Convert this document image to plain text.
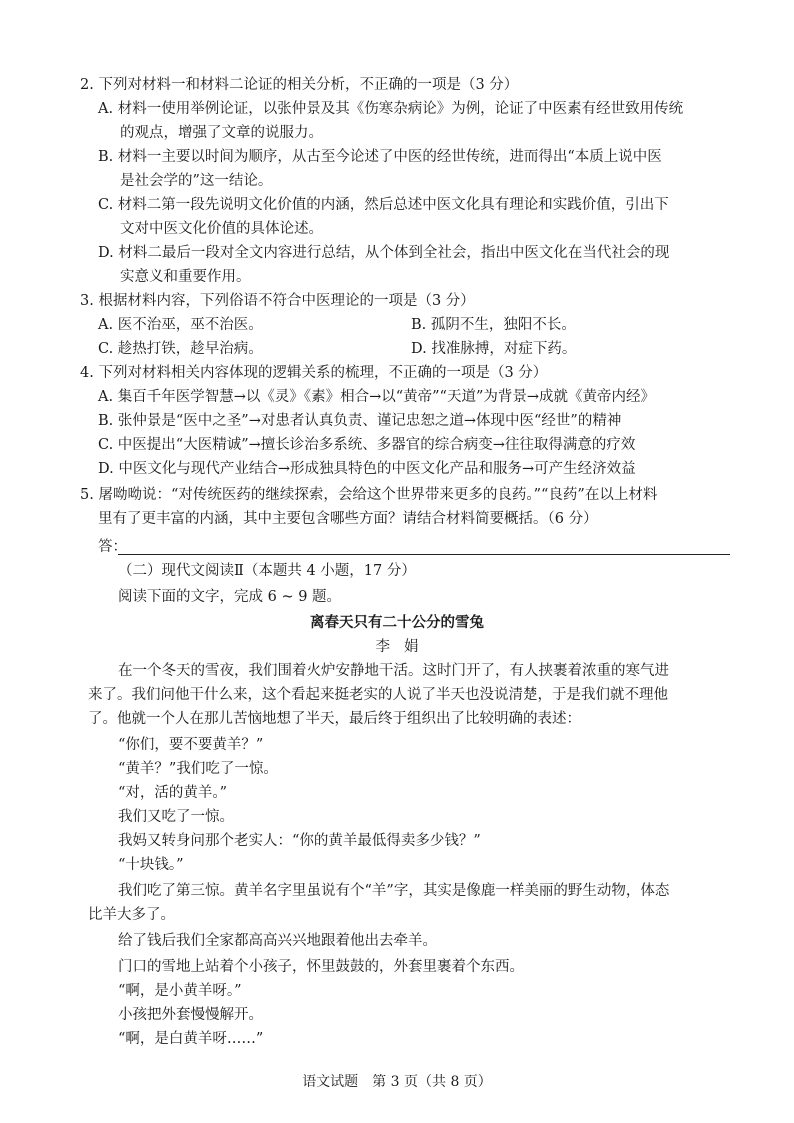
2. 下列对材料一和材料二论证的相关分析，不正确的一项是（3 分）
A. 材料一使用举例论证，以张仲景及其《伤寒杂病论》为例，论证了中医素有经世致用传统
的观点，增强了文章的说服力。
B. 材料一主要以时间为顺序，从古至今论述了中医的经世传统，进而得出“本质上说中医
是社会学的”这一结论。
C. 材料二第一段先说明文化价值的内涵，然后总述中医文化具有理论和实践价值，引出下
文对中医文化价值的具体论述。
D. 材料二最后一段对全文内容进行总结，从个体到全社会，指出中医文化在当代社会的现
实意义和重要作用。
3. 根据材料内容，下列俗语不符合中医理论的一项是（3 分）
A. 医不治巫，巫不治医。	B. 孤阴不生，独阳不长。
C. 趁热打铁，趁早治病。	D. 找准脉搏，对症下药。
4. 下列对材料相关内容体现的逻辑关系的梳理，不正确的一项是（3 分）
A. 集百千年医学智慧→以《灵》《素》相合→以“黄帝”“天道”为背景→成就《黄帝内经》
B. 张仲景是“医中之圣”→对患者认真负责、谨记忠恕之道→体现中医“经世”的精神
C. 中医提出“大医精诚”→擅长诊治多系统、多器官的综合病变→往往取得满意的疗效
D. 中医文化与现代产业结合→形成独具特色的中医文化产品和服务→可产生经济效益
5. 屠呦呦说：“对传统医药的继续探索，会给这个世界带来更多的良药。”“良药”在以上材料
里有了更丰富的内涵，其中主要包含哪些方面？请结合材料简要概括。（6 分）
答：
（二）现代文阅读Ⅱ（本题共 4 小题，17 分）
阅读下面的文字，完成 6 ~ 9 题。
离春天只有二十公分的雪兔
李娟
在一个冬天的雪夜，我们围着火炉安静地干活。这时门开了，有人挟裹着浓重的寒气进
来了。我们问他干什么来，这个看起来挺老实的人说了半天也没说清楚，于是我们就不理他
了。他就一个人在那儿苦恼地想了半天，最后终于组织出了比较明确的表述：
“你们，要不要黄羊？”
“黄羊？”我们吃了一惊。
“对，活的黄羊。”
我们又吃了一惊。
我妈又转身问那个老实人：“你的黄羊最低得卖多少钱？”
“十块钱。”
我们吃了第三惊。黄羊名字里虽说有个“羊”字，其实是像鹿一样美丽的野生动物，体态
比羊大多了。
给了钱后我们全家都高高兴兴地跟着他出去牵羊。
门口的雪地上站着个小孩子，怀里鼓鼓的，外套里裹着个东西。
“啊，是小黄羊呀。”
小孩把外套慢慢解开。
“啊，是白黄羊呀……”
语文试题　第 3 页（共 8 页）
